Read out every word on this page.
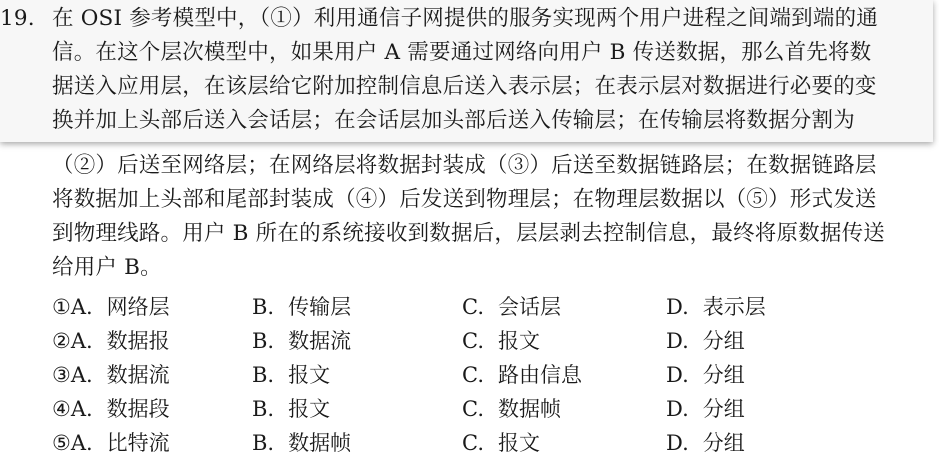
19. 在 OSI 参考模型中，（①）利用通信子网提供的服务实现两个用户进程之间端到端的通
信。在这个层次模型中，如果用户 A 需要通过网络向用户 B 传送数据，那么首先将数
据送入应用层，在该层给它附加控制信息后送入表示层；在表示层对数据进行必要的变
换并加上头部后送入会话层；在会话层加头部后送入传输层；在传输层将数据分割为
（②）后送至网络层；在网络层将数据封装成（③）后送至数据链路层；在数据链路层
将数据加上头部和尾部封装成（④）后发送到物理层；在物理层数据以（⑤）形式发送
到物理线路。用户 B 所在的系统接收到数据后，层层剥去控制信息，最终将原数据传送
给用户 B。
①A. 网络层	B. 传输层	C. 会话层	D. 表示层
②A. 数据报	B. 数据流	C. 报文	D. 分组
③A. 数据流	B. 报文	C. 路由信息	D. 分组
④A. 数据段	B. 报文	C. 数据帧	D. 分组
⑤A. 比特流	B. 数据帧	C. 报文	D. 分组
